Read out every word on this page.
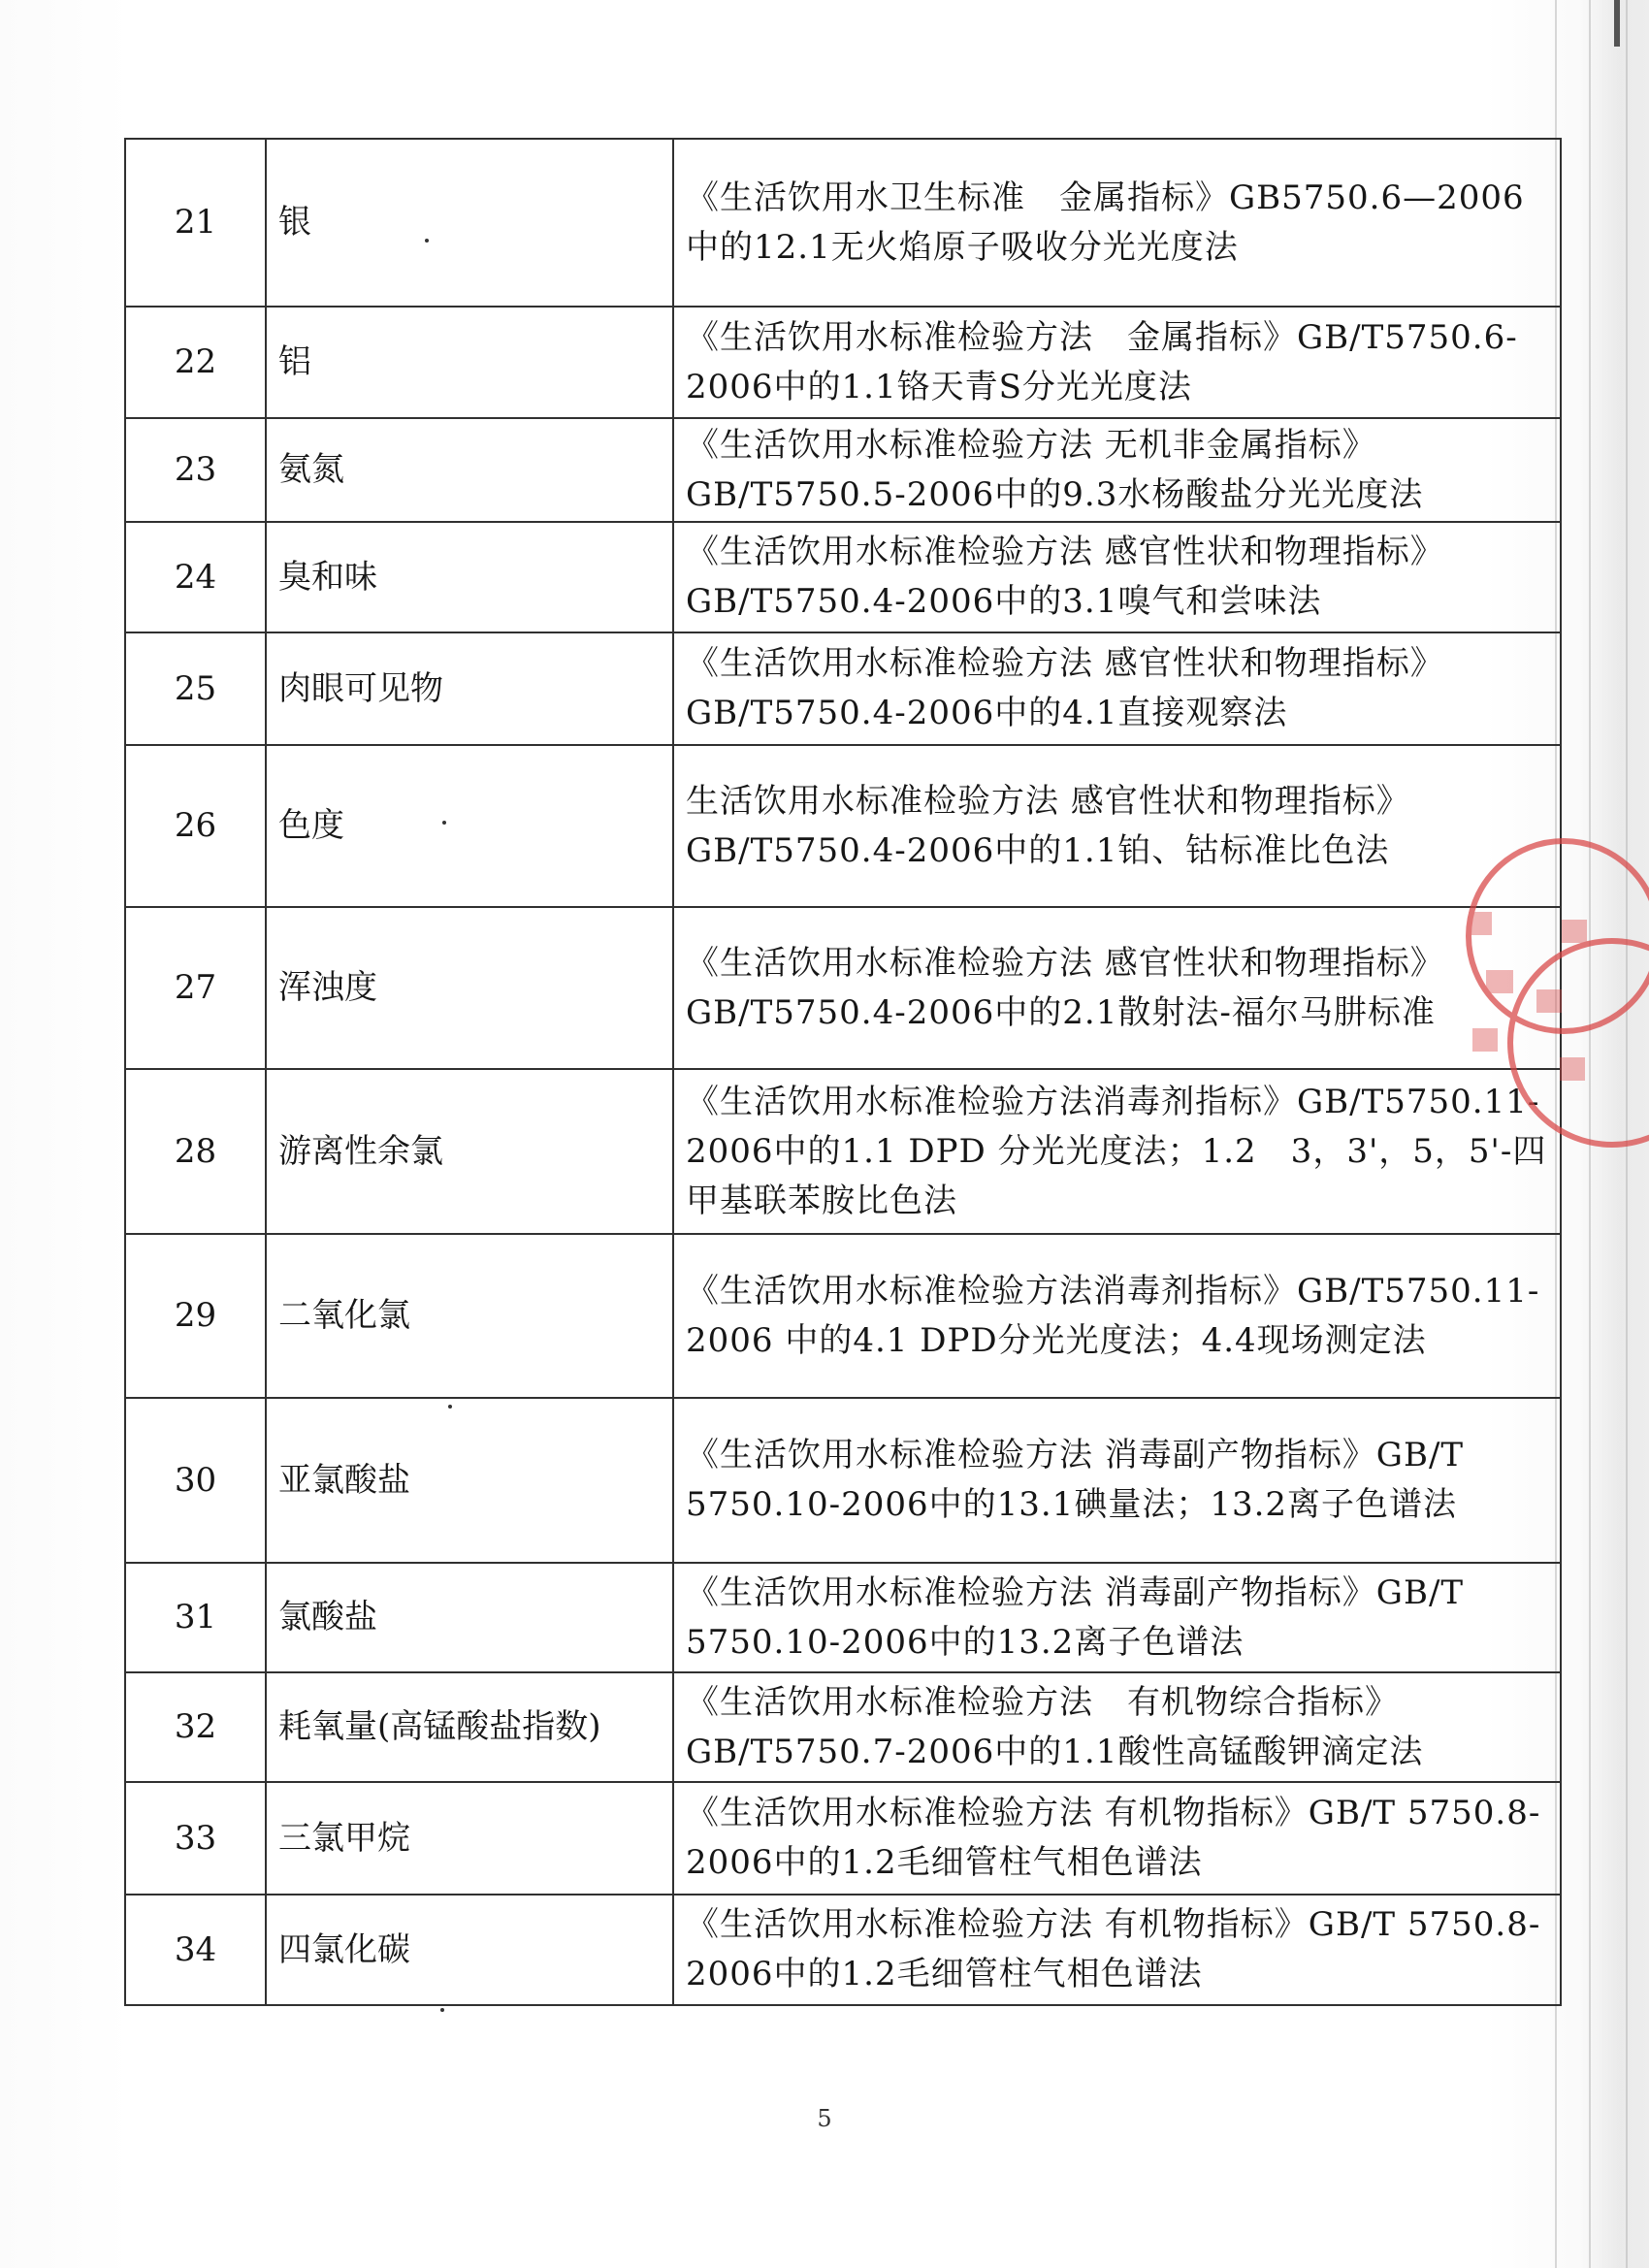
21	银	《生活饮用水卫生标准　金属指标》GB5750.6—2006中的12.1无火焰原子吸收分光光度法
22	铝	《生活饮用水标准检验方法　金属指标》GB/T5750.6-2006中的1.1铬天青S分光光度法
23	氨氮	《生活饮用水标准检验方法 无机非金属指标》GB/T5750.5-2006中的9.3水杨酸盐分光光度法
24	臭和味	《生活饮用水标准检验方法 感官性状和物理指标》GB/T5750.4-2006中的3.1嗅气和尝味法
25	肉眼可见物	《生活饮用水标准检验方法 感官性状和物理指标》GB/T5750.4-2006中的4.1直接观察法
26	色度	生活饮用水标准检验方法 感官性状和物理指标》GB/T5750.4-2006中的1.1铂、钴标准比色法
27	浑浊度	《生活饮用水标准检验方法 感官性状和物理指标》GB/T5750.4-2006中的2.1散射法-福尔马肼标准
28	游离性余氯	《生活饮用水标准检验方法消毒剂指标》GB/T5750.11-2006中的1.1 DPD 分光光度法；1.2　3，3'，5，5'-四甲基联苯胺比色法
29	二氧化氯	《生活饮用水标准检验方法消毒剂指标》GB/T5750.11-2006 中的4.1 DPD分光光度法；4.4现场测定法
30	亚氯酸盐	《生活饮用水标准检验方法 消毒副产物指标》GB/T 5750.10-2006中的13.1碘量法；13.2离子色谱法
31	氯酸盐	《生活饮用水标准检验方法 消毒副产物指标》GB/T 5750.10-2006中的13.2离子色谱法
32	耗氧量(高锰酸盐指数)	《生活饮用水标准检验方法　有机物综合指标》GB/T5750.7-2006中的1.1酸性高锰酸钾滴定法
33	三氯甲烷	《生活饮用水标准检验方法 有机物指标》GB/T 5750.8-2006中的1.2毛细管柱气相色谱法
34	四氯化碳	《生活饮用水标准检验方法 有机物指标》GB/T 5750.8-2006中的1.2毛细管柱气相色谱法
5
